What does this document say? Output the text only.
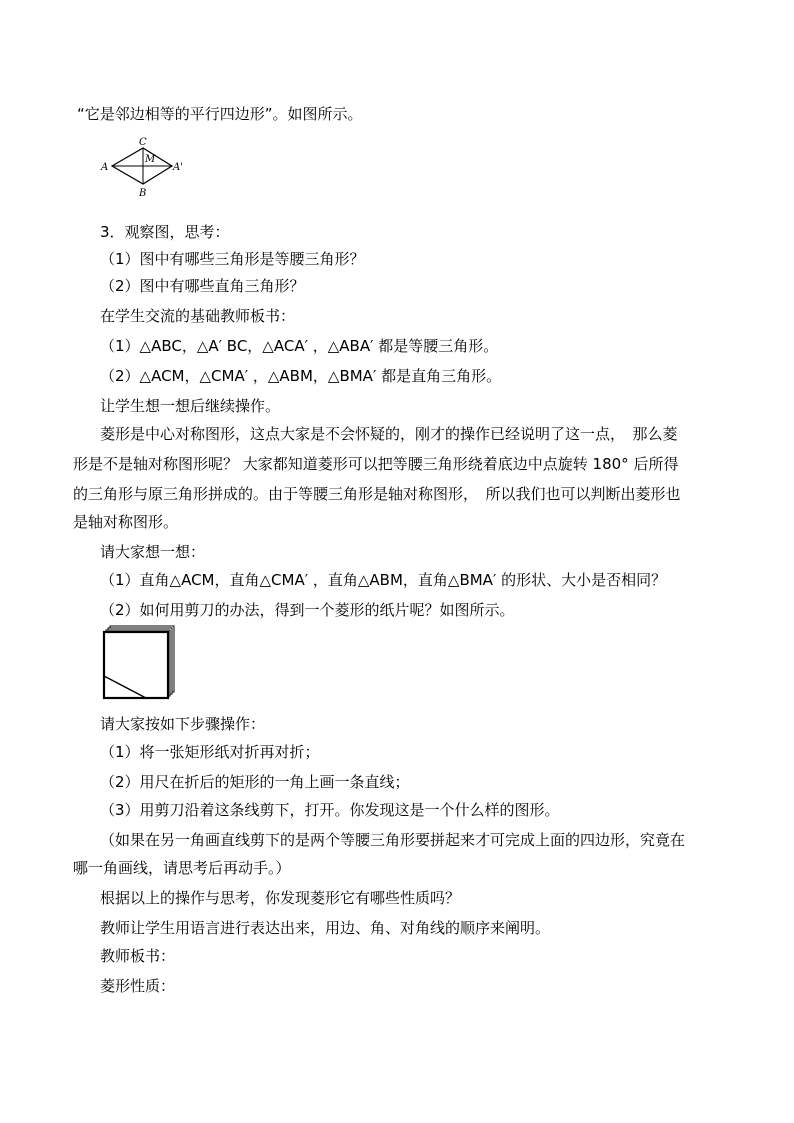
“它是邻边相等的平行四边形”。如图所示。
C
M
A	A'
B
3．观察图，思考：
（1）图中有哪些三角形是等腰三角形？
（2）图中有哪些直角三角形？
在学生交流的基础教师板书：
（1）△ABC，△A′ BC，△ACA′ ，△ABA′ 都是等腰三角形。
（2）△ACM，△CMA′ ，△ABM，△BMA′ 都是直角三角形。
让学生想一想后继续操作。
菱形是中心对称图形，这点大家是不会怀疑的，刚才的操作已经说明了这一点，　那么菱
形是不是轴对称图形呢？ 大家都知道菱形可以把等腰三角形绕着底边中点旋转 180° 后所得
的三角形与原三角形拼成的。由于等腰三角形是轴对称图形，　所以我们也可以判断出菱形也
是轴对称图形。
请大家想一想：
（1）直角△ACM，直角△CMA′ ，直角△ABM，直角△BMA′ 的形状、大小是否相同？
（2）如何用剪刀的办法，得到一个菱形的纸片呢？如图所示。
请大家按如下步骤操作：
（1）将一张矩形纸对折再对折；
（2）用尺在折后的矩形的一角上画一条直线；
（3）用剪刀沿着这条线剪下，打开。你发现这是一个什么样的图形。
（如果在另一角画直线剪下的是两个等腰三角形要拼起来才可完成上面的四边形，究竟在
哪一角画线，请思考后再动手。）
根据以上的操作与思考，你发现菱形它有哪些性质吗？
教师让学生用语言进行表达出来，用边、角、对角线的顺序来阐明。
教师板书：
菱形性质：
